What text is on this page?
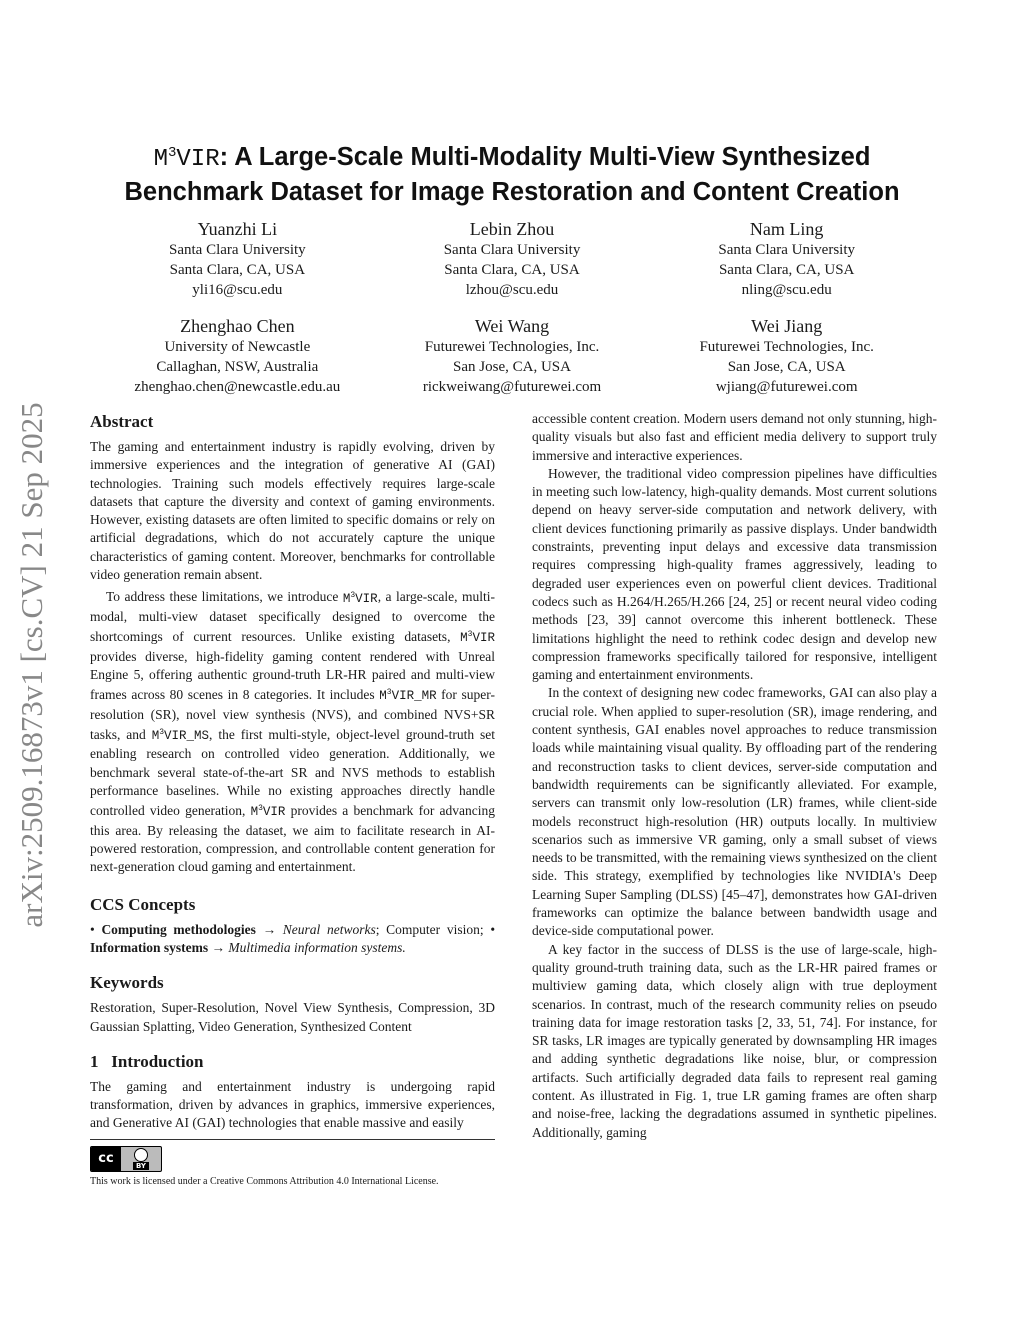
arXiv:2509.16873v1 [cs.CV] 21 Sep 2025
$M^3VIR$: A Large-Scale Multi-Modality Multi-View Synthesized
Benchmark Dataset for Image Restoration and Content Creation
Yuanzhi Li
Santa Clara University
Santa Clara, CA, USA
yli16@scu.edu
Lebin Zhou
Santa Clara University
Santa Clara, CA, USA
lzhou@scu.edu
Nam Ling
Santa Clara University
Santa Clara, CA, USA
nling@scu.edu
Zhenghao Chen
University of Newcastle
Callaghan, NSW, Australia
zhenghao.chen@newcastle.edu.au
Wei Wang
Futurewei Technologies, Inc.
San Jose, CA, USA
rickweiwang@futurewei.com
Wei Jiang
Futurewei Technologies, Inc.
San Jose, CA, USA
wjiang@futurewei.com
Abstract

The gaming and entertainment industry is rapidly evolving, driven by immersive experiences and the integration of generative AI (GAI) technologies. Training such models effectively requires large-scale datasets that capture the diversity and context of gaming environments. However, existing datasets are often limited to specific domains or rely on artificial degradations, which do not accurately capture the unique characteristics of gaming content. Moreover, benchmarks for controllable video generation remain absent.

To address these limitations, we introduce $M^3VIR$, a large-scale, multi-modal, multi-view dataset specifically designed to overcome the shortcomings of current resources. Unlike existing datasets, $M^3VIR$ provides diverse, high-fidelity gaming content rendered with Unreal Engine 5, offering authentic ground-truth LR-HR paired and multi-view frames across 80 scenes in 8 categories. It includes $M^3VIR\_MR$ for super-resolution (SR), novel view synthesis (NVS), and combined NVS+SR tasks, and $M^3VIR\_MS$, the first multi-style, object-level ground-truth set enabling research on controlled video generation. Additionally, we benchmark several state-of-the-art SR and NVS methods to establish performance baselines. While no existing approaches directly handle controlled video generation, $M^3VIR$ provides a benchmark for advancing this area. By releasing the dataset, we aim to facilitate research in AI-powered restoration, compression, and controllable content generation for next-generation cloud gaming and entertainment.

CCS Concepts

• Computing methodologies → Neural networks; Computer vision; • Information systems → Multimedia information systems.

Keywords

Restoration, Super-Resolution, Novel View Synthesis, Compression, 3D Gaussian Splatting, Video Generation, Synthesized Content

1 Introduction

The gaming and entertainment industry is undergoing rapid transformation, driven by advances in graphics, immersive experiences, and Generative AI (GAI) technologies that enable massive and easily

cc	BY
This work is licensed under a Creative Commons Attribution 4.0 International License.

accessible content creation. Modern users demand not only stunning, high-quality visuals but also fast and efficient media delivery to support truly immersive and interactive experiences.

However, the traditional video compression pipelines have difficulties in meeting such low-latency, high-quality demands. Most current solutions depend on heavy server-side computation and network delivery, with client devices functioning primarily as passive displays. Under bandwidth constraints, preventing input delays and excessive data transmission requires compressing high-quality frames aggressively, leading to degraded user experiences even on powerful client devices. Traditional codecs such as H.264/H.265/H.266 [24, 25] or recent neural video coding methods [23, 39] cannot overcome this inherent bottleneck. These limitations highlight the need to rethink codec design and develop new compression frameworks specifically tailored for responsive, intelligent gaming and entertainment environments.

In the context of designing new codec frameworks, GAI can also play a crucial role. When applied to super-resolution (SR), image rendering, and content synthesis, GAI enables novel approaches to reduce transmission loads while maintaining visual quality. By offloading part of the rendering and reconstruction tasks to client devices, server-side computation and bandwidth requirements can be significantly alleviated. For example, servers can transmit only low-resolution (LR) frames, while client-side models reconstruct high-resolution (HR) outputs locally. In multiview scenarios such as immersive VR gaming, only a small subset of views needs to be transmitted, with the remaining views synthesized on the client side. This strategy, exemplified by technologies like NVIDIA's Deep Learning Super Sampling (DLSS) [45–47], demonstrates how GAI-driven frameworks can optimize the balance between bandwidth usage and device-side computational power.

A key factor in the success of DLSS is the use of large-scale, high-quality ground-truth training data, such as the LR-HR paired frames or multiview gaming data, which closely align with true deployment scenarios. In contrast, much of the research community relies on pseudo training data for image restoration tasks [2, 33, 51, 74]. For instance, for SR tasks, LR images are typically generated by downsampling HR images and adding synthetic degradations like noise, blur, or compression artifacts. Such artificially degraded data fails to represent real gaming content. As illustrated in Fig. 1, true LR gaming frames are often sharp and noise-free, lacking the degradations assumed in synthetic pipelines. Additionally, gaming
